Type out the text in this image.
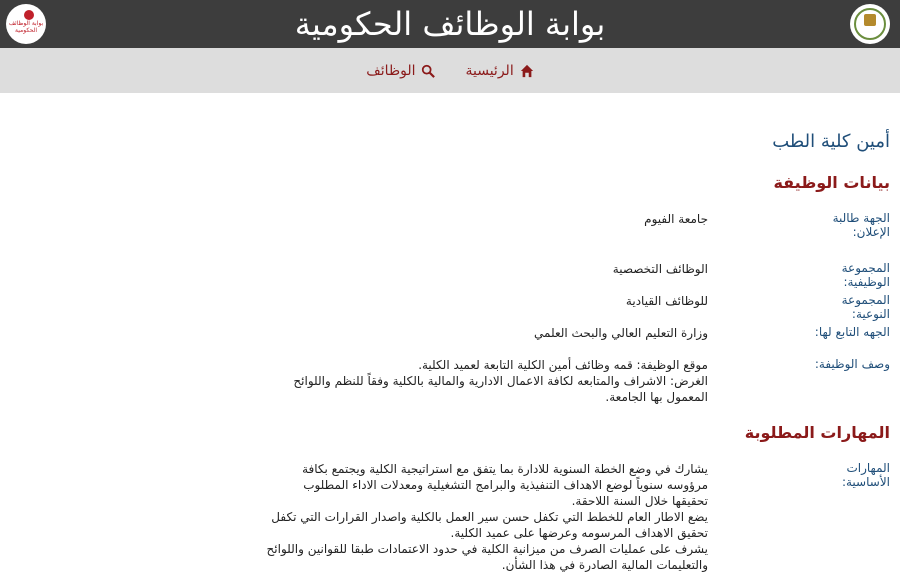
بوابة الوظائف الحكومية
بوابة الوظائف الحكومية
الرئيسية
الوظائف
أمين كلية الطب
بيانات الوظيفة
الجهة طالبة الإعلان:
جامعة الفيوم
المجموعة الوظيفية:
الوظائف التخصصية
المجموعة النوعية:
للوظائف القيادية
الجهه التابع لها:
وزارة التعليم العالي والبحث العلمي
وصف الوظيفة:
موقع الوظيفة: قمه وظائف أمين الكلية التابعة لعميد الكلية.
الغرض: الاشراف والمتابعه لكافة الاعمال الادارية والمالية بالكلية وفقاً للنظم واللوائح
المعمول بها الجامعة.
المهارات المطلوبة
المهارات الأساسية:
يشارك في وضع الخطة السنوية للادارة بما يتفق مع استراتيجية الكلية ويجتمع بكافة
مرؤوسه سنوياً لوضع الاهداف التنفيذية والبرامج التشغيلية ومعدلات الاداء المطلوب
تحقيقها خلال السنة اللاحقة.
يضع الاطار العام للخطط التي تكفل حسن سير العمل بالكلية واصدار القرارات التي تكفل
تحقيق الاهداف المرسومه وعرضها على عميد الكلية.
يشرف على عمليات الصرف من ميزانية الكلية في حدود الاعتمادات طبقا للقوانين واللوائح
والتعليمات المالية الصادرة في هذا الشأن.
